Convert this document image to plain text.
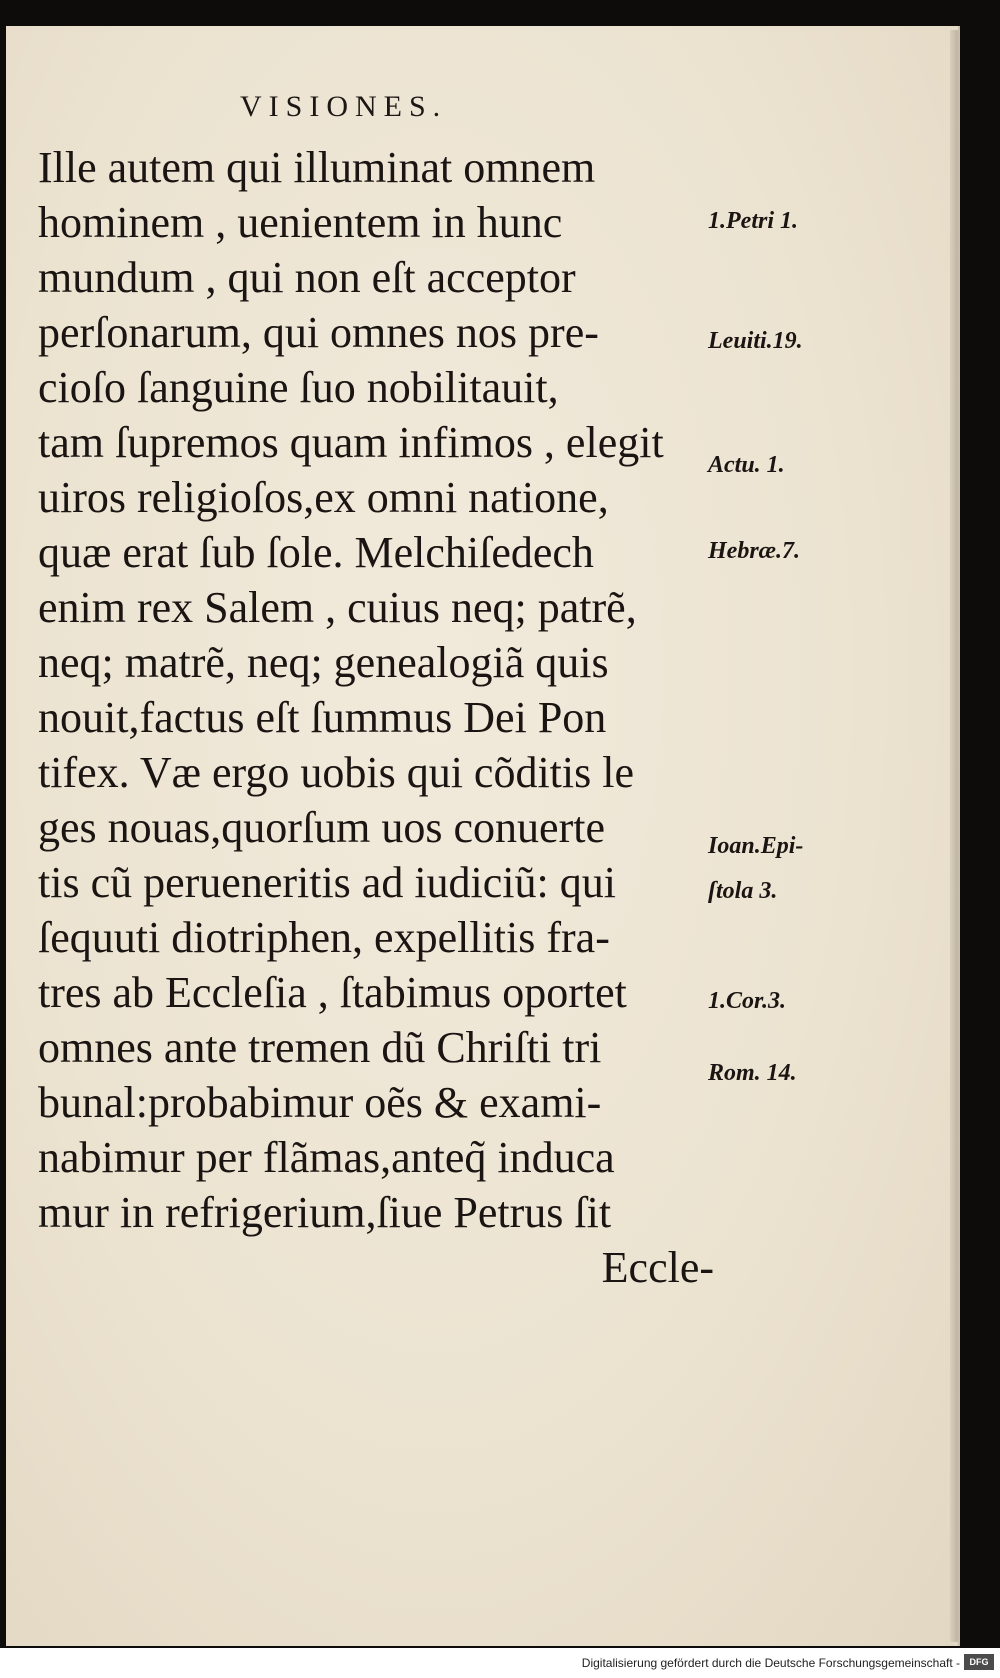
VISIONES.
Ille autem qui illuminat omnem
hominem , uenientem in hunc
mundum , qui non eſt acceptor
perſonarum, qui omnes nos pre-
cioſo ſanguine ſuo nobilitauit,
tam ſupremos quam infimos , elegit
uiros religioſos,ex omni natione,
quæ erat ſub ſole. Melchiſedech
enim rex Salem , cuius neq; patrẽ,
neq; matrẽ, neq; genealogiã quis
nouit,factus eſt ſummus Dei Pon
tifex. Væ ergo uobis qui cõditis le
ges nouas,quorſum uos conuerte
tis cũ perueneritis ad iudiciũ: qui
ſequuti diotriphen, expellitis fra-
tres ab Eccleſia , ſtabimus oportet
omnes ante tremen dũ Chriſti tri
bunal:probabimur oẽs & exami-
nabimur per flãmas,anteq̃ induca
mur in refrigerium,ſiue Petrus ſit
Eccle-
1.Petri 1.
Leuiti.19.
Actu. 1.
Hebræ.7.
Ioan.Epi-
ſtola 3.
1.Cor.3.
Rom. 14.
Digitalisierung gefördert durch die Deutsche Forschungsgemeinschaft -	DFG
